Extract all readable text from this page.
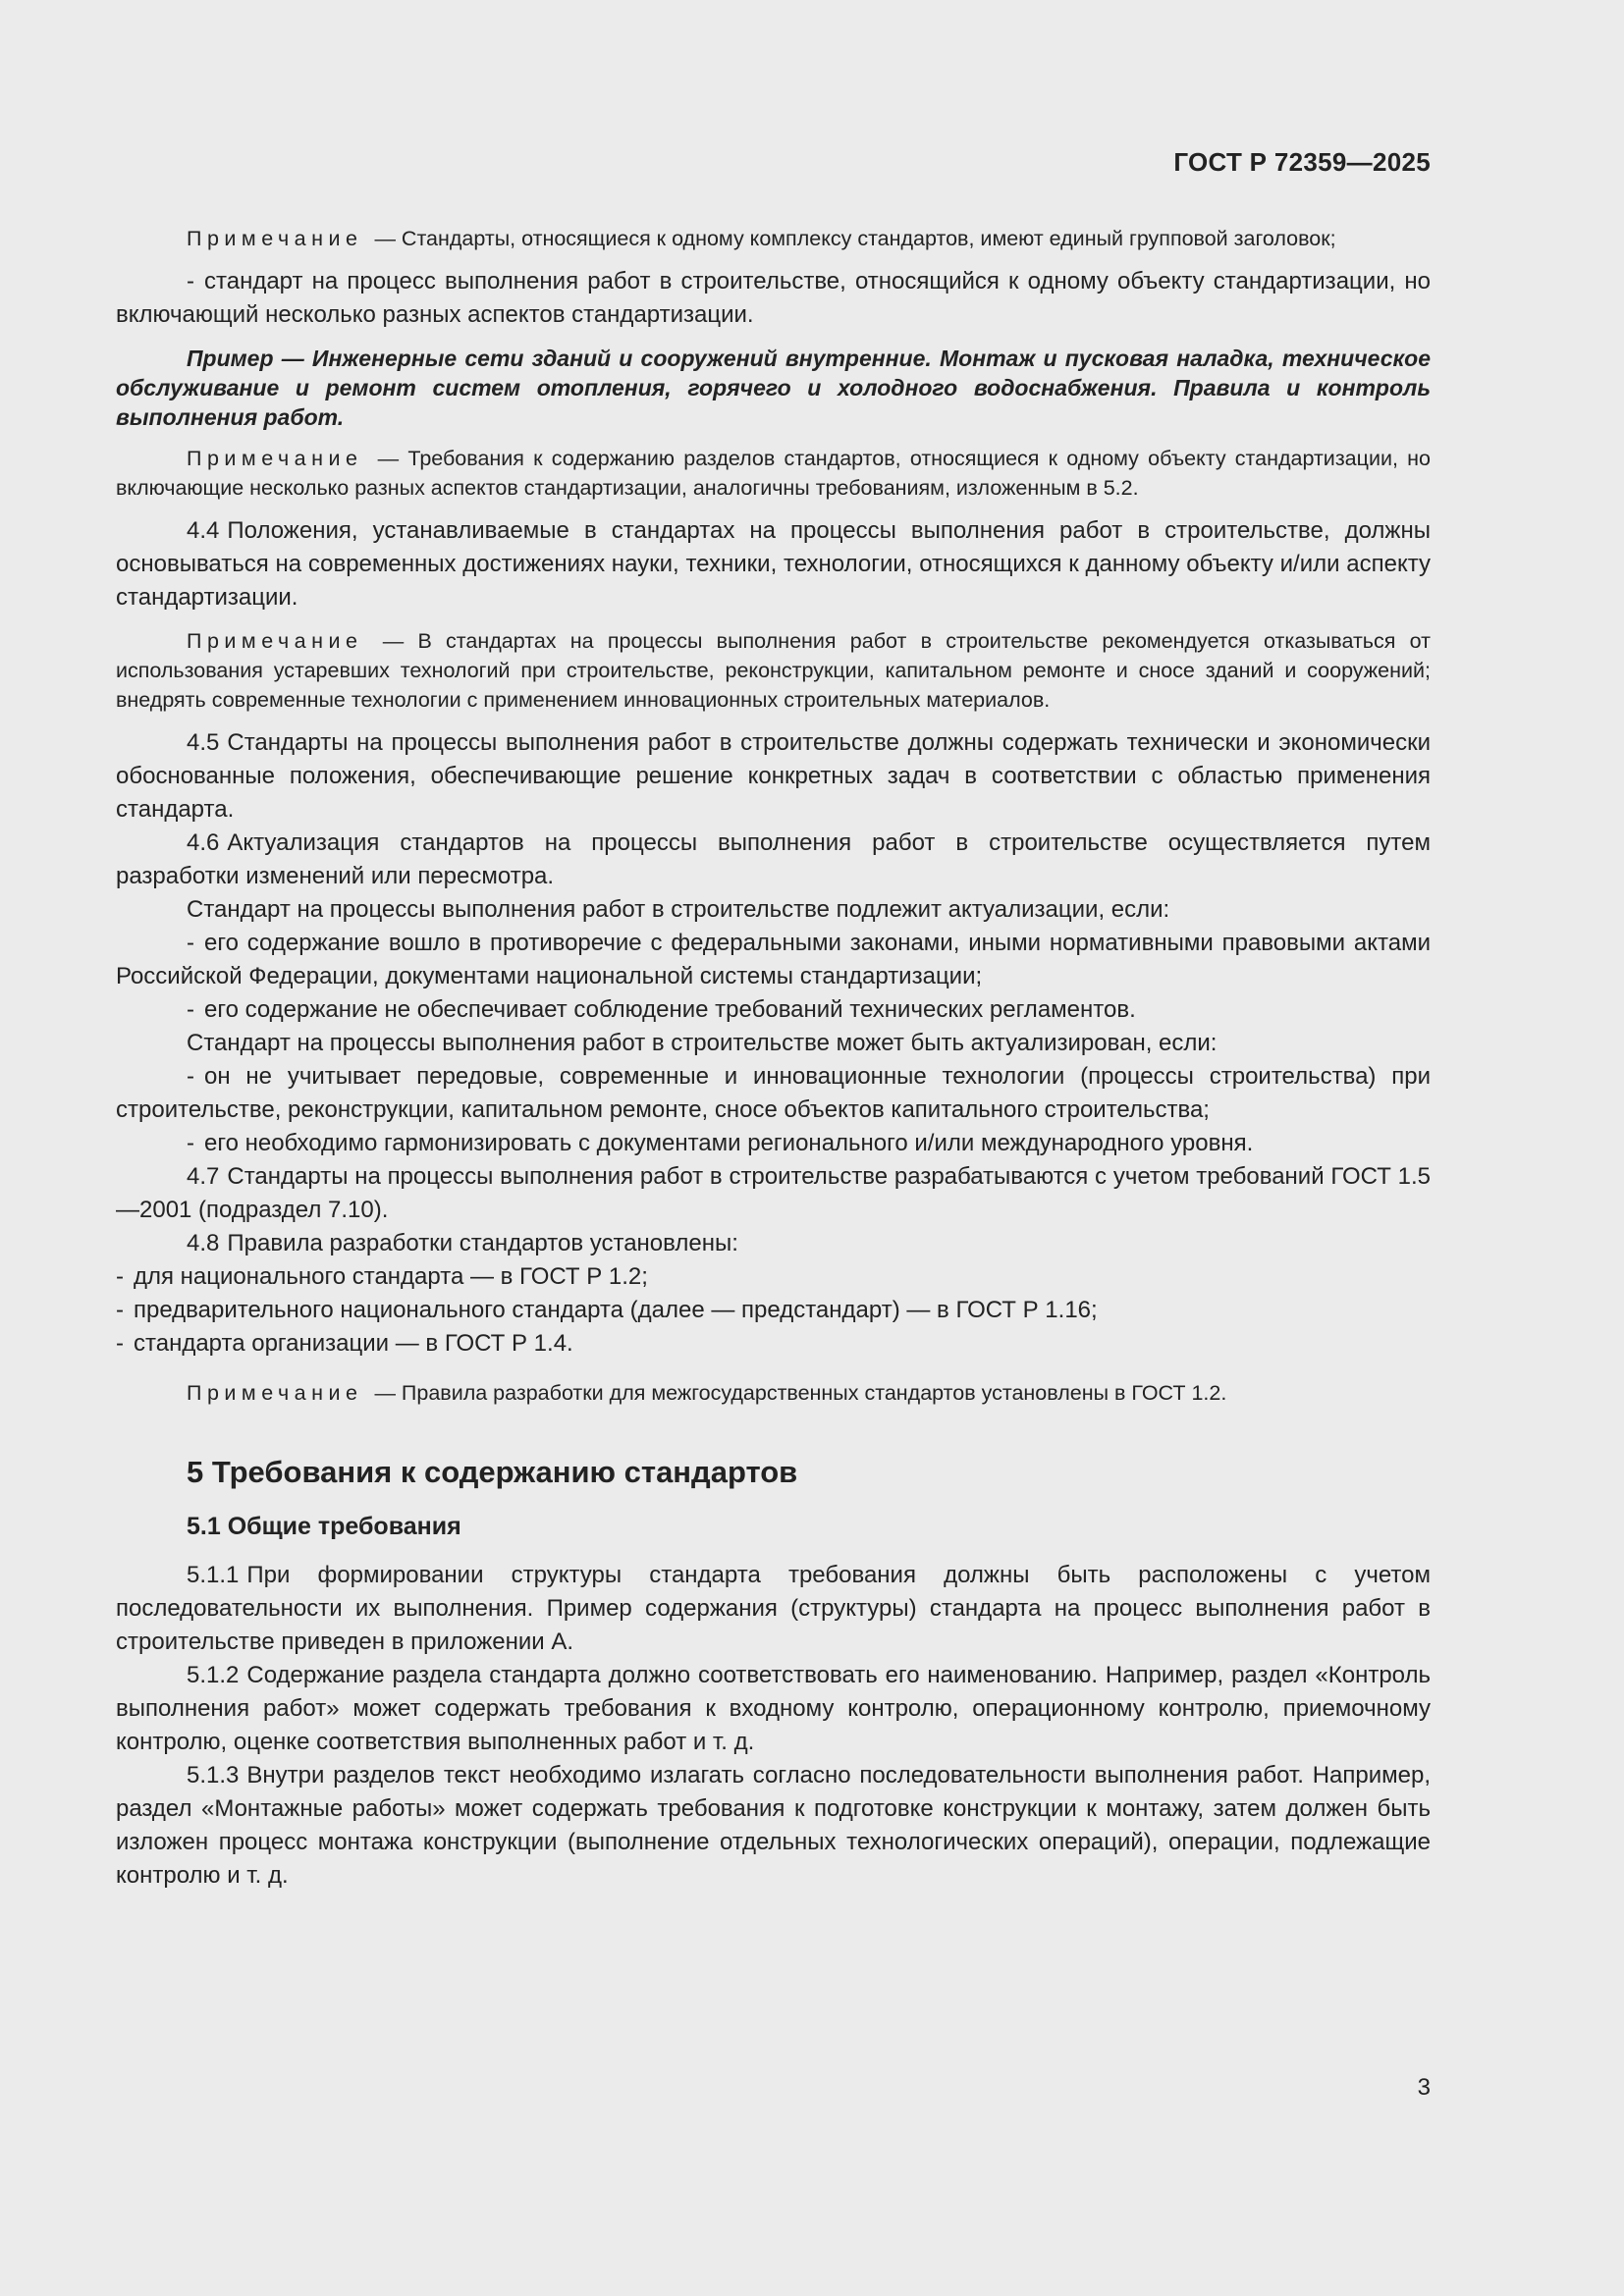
ГОСТ Р 72359—2025

Примечание — Стандарты, относящиеся к одному комплексу стандартов, имеют единый групповой заголовок;

- стандарт на процесс выполнения работ в строительстве, относящийся к одному объекту стандартизации, но включающий несколько разных аспектов стандартизации.

Пример — Инженерные сети зданий и сооружений внутренние. Монтаж и пусковая наладка, техническое обслуживание и ремонт систем отопления, горячего и холодного водоснабжения. Правила и контроль выполнения работ.

Примечание — Требования к содержанию разделов стандартов, относящиеся к одному объекту стандартизации, но включающие несколько разных аспектов стандартизации, аналогичны требованиям, изложенным в 5.2.

4.4 Положения, устанавливаемые в стандартах на процессы выполнения работ в строительстве, должны основываться на современных достижениях науки, техники, технологии, относящихся к данному объекту и/или аспекту стандартизации.

Примечание — В стандартах на процессы выполнения работ в строительстве рекомендуется отказываться от использования устаревших технологий при строительстве, реконструкции, капитальном ремонте и сносе зданий и сооружений; внедрять современные технологии с применением инновационных строительных материалов.

4.5 Стандарты на процессы выполнения работ в строительстве должны содержать технически и экономически обоснованные положения, обеспечивающие решение конкретных задач в соответствии с областью применения стандарта.

4.6 Актуализация стандартов на процессы выполнения работ в строительстве осуществляется путем разработки изменений или пересмотра.

Стандарт на процессы выполнения работ в строительстве подлежит актуализации, если:

- его содержание вошло в противоречие с федеральными законами, иными нормативными правовыми актами Российской Федерации, документами национальной системы стандартизации;

- его содержание не обеспечивает соблюдение требований технических регламентов.

Стандарт на процессы выполнения работ в строительстве может быть актуализирован, если:

- он не учитывает передовые, современные и инновационные технологии (процессы строительства) при строительстве, реконструкции, капитальном ремонте, сносе объектов капитального строительства;

- его необходимо гармонизировать с документами регионального и/или международного уровня.

4.7 Стандарты на процессы выполнения работ в строительстве разрабатываются с учетом требований ГОСТ 1.5—2001 (подраздел 7.10).

4.8 Правила разработки стандартов установлены:

- для национального стандарта — в ГОСТ Р 1.2;

- предварительного национального стандарта (далее — предстандарт) — в ГОСТ Р 1.16;

- стандарта организации — в ГОСТ Р 1.4.

Примечание — Правила разработки для межгосударственных стандартов установлены в ГОСТ 1.2.

5 Требования к содержанию стандартов
5.1 Общие требования

5.1.1 При формировании структуры стандарта требования должны быть расположены с учетом последовательности их выполнения. Пример содержания (структуры) стандарта на процесс выполнения работ в строительстве приведен в приложении А.

5.1.2 Содержание раздела стандарта должно соответствовать его наименованию. Например, раздел «Контроль выполнения работ» может содержать требования к входному контролю, операционному контролю, приемочному контролю, оценке соответствия выполненных работ и т. д.

5.1.3 Внутри разделов текст необходимо излагать согласно последовательности выполнения работ. Например, раздел «Монтажные работы» может содержать требования к подготовке конструкции к монтажу, затем должен быть изложен процесс монтажа конструкции (выполнение отдельных технологических операций), операции, подлежащие контролю и т. д.

3
